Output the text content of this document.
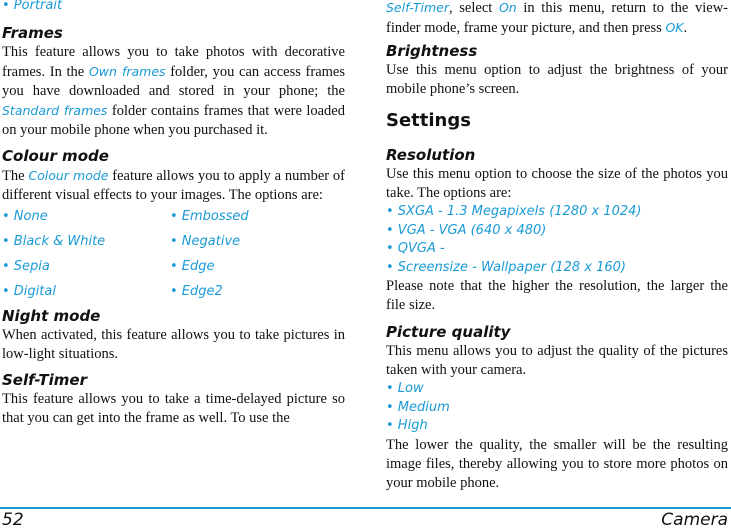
• Portrait

Frames

This feature allows you to take photos with decorative frames. In the Own frames folder, you can access frames you have downloaded and stored in your phone; the Standard frames folder contains frames that were loaded on your mobile phone when you purchased it.

Colour mode

The Colour mode feature allows you to apply a number of different visual effects to your images. The options are:

• None	• Embossed

• Black & White	• Negative

• Sepia	• Edge

• Digital	• Edge2

Night mode

When activated, this feature allows you to take pictures in low-light situations.

Self-Timer

This feature allows you to take a time-delayed picture so that you can get into the frame as well. To use the

Self-Timer, select On in this menu, return to the view-finder mode, frame your picture, and then press OK.

Brightness

Use this menu option to adjust the brightness of your mobile phone’s screen.

Settings
Resolution

Use this menu option to choose the size of the photos you take. The options are:

• SXGA - 1.3 Megapixels (1280 x 1024)

• VGA - VGA (640 x 480)

• QVGA -

• Screensize - Wallpaper (128 x 160)

Please note that the higher the resolution, the larger the file size.

Picture quality

This menu allows you to adjust the quality of the pictures taken with your camera.

• Low

• Medium

• High

The lower the quality, the smaller will be the resulting image files, thereby allowing you to store more photos on your mobile phone.

52	Camera
